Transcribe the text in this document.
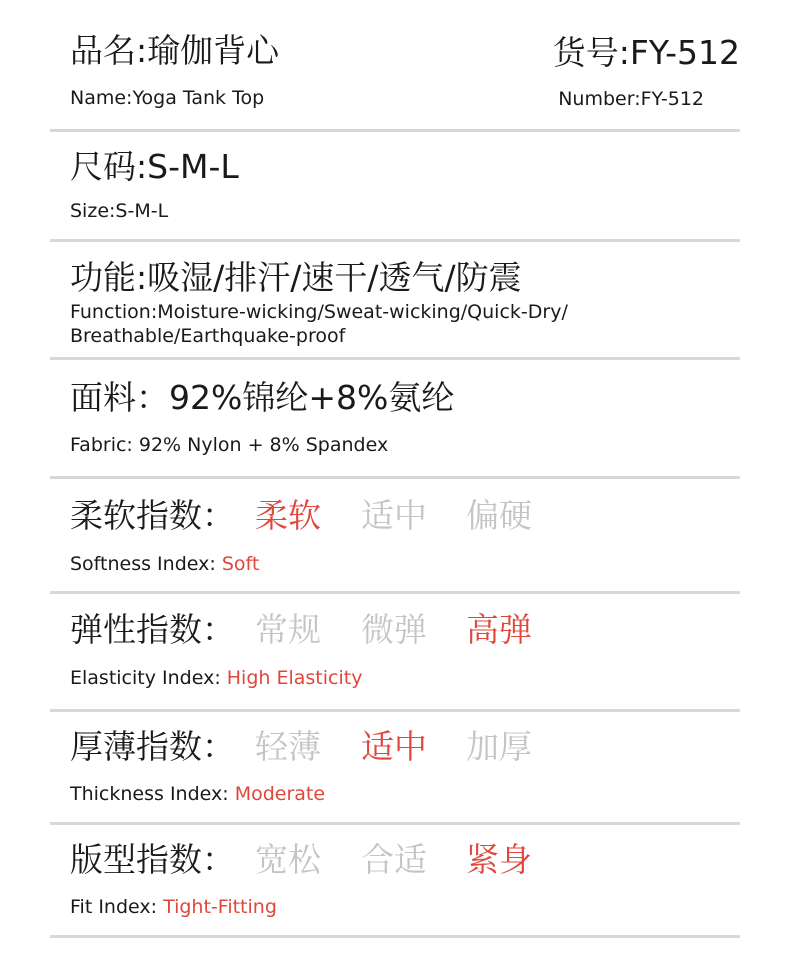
品名:瑜伽背心
Name:Yoga Tank Top
货号:FY-512
Number:FY-512
尺码:S-M-L
Size:S-M-L
功能:吸湿/排汗/速干/透气/防震
Function:Moisture-wicking/Sweat-wicking/Quick-Dry/
Breathable/Earthquake-proof
面料：92%锦纶+8%氨纶
Fabric: 92% Nylon + 8% Spandex
柔软指数： 柔软 适中 偏硬
Softness Index: Soft
弹性指数： 常规 微弹 高弹
Elasticity Index: High Elasticity
厚薄指数： 轻薄 适中 加厚
Thickness Index: Moderate
版型指数： 宽松 合适 紧身
Fit Index: Tight-Fitting
